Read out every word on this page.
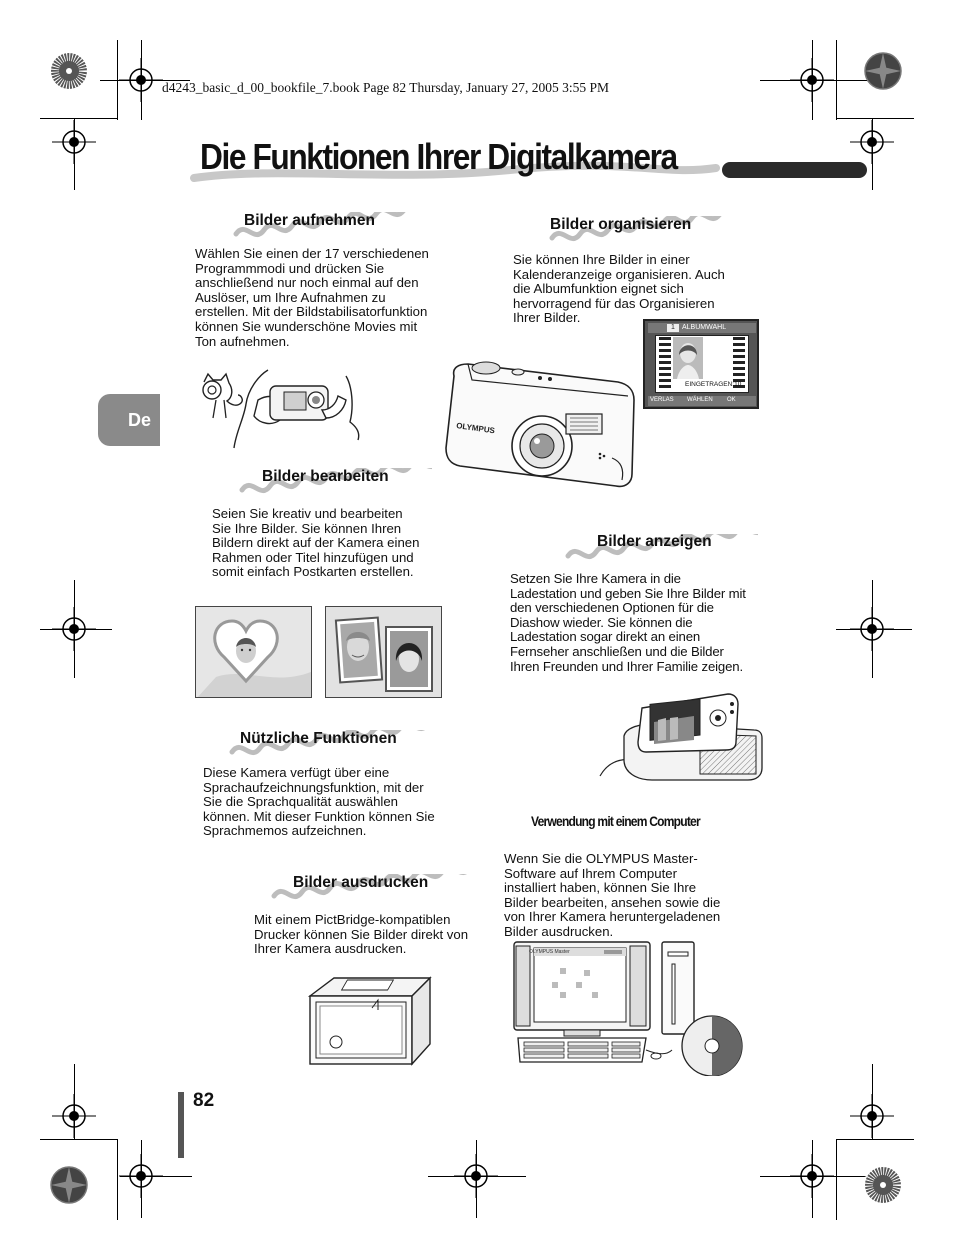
d4243_basic_d_00_bookfile_7.book Page 82 Thursday, January 27, 2005 3:55 PM
Die Funktionen Ihrer Digitalkamera
De
Bilder aufnehmen
Wählen Sie einen der 17 verschiedenen
Programmmodi und drücken Sie
anschließend nur noch einmal auf den
Auslöser, um Ihre Aufnahmen zu
erstellen. Mit der Bildstabilisatorfunktion
können Sie wunderschöne Movies mit
Ton aufnehmen.
OLYMPUS
Bilder organisieren
Sie können Ihre Bilder in einer
Kalenderanzeige organisieren. Auch
die Albumfunktion eignet sich
hervorragend für das Organisieren
Ihrer Bilder.
1	ALBUMWAHL
EINGETRAGEN:10
VERLAS WÄHLEN OK
Bilder bearbeiten
Seien Sie kreativ und bearbeiten
Sie Ihre Bilder. Sie können Ihren
Bildern direkt auf der Kamera einen
Rahmen oder Titel hinzufügen und
somit einfach Postkarten erstellen.
Bilder anzeigen
Setzen Sie Ihre Kamera in die
Ladestation und geben Sie Ihre Bilder mit
den verschiedenen Optionen für die
Diashow wieder. Sie können die
Ladestation sogar direkt an einen
Fernseher anschließen und die Bilder
Ihren Freunden und Ihrer Familie zeigen.
Nützliche Funktionen
Diese Kamera verfügt über eine
Sprachaufzeichnungsfunktion, mit der
Sie die Sprachqualität auswählen
können. Mit dieser Funktion können Sie
Sprachmemos aufzeichnen.
Verwendung mit einem Computer
Wenn Sie die OLYMPUS Master-
Software auf Ihrem Computer
installiert haben, können Sie Ihre
Bilder bearbeiten, ansehen sowie die
von Ihrer Kamera heruntergeladenen
Bilder ausdrucken.
OLYMPUS Master
Bilder ausdrucken
Mit einem PictBridge-kompatiblen
Drucker können Sie Bilder direkt von
Ihrer Kamera ausdrucken.
82
